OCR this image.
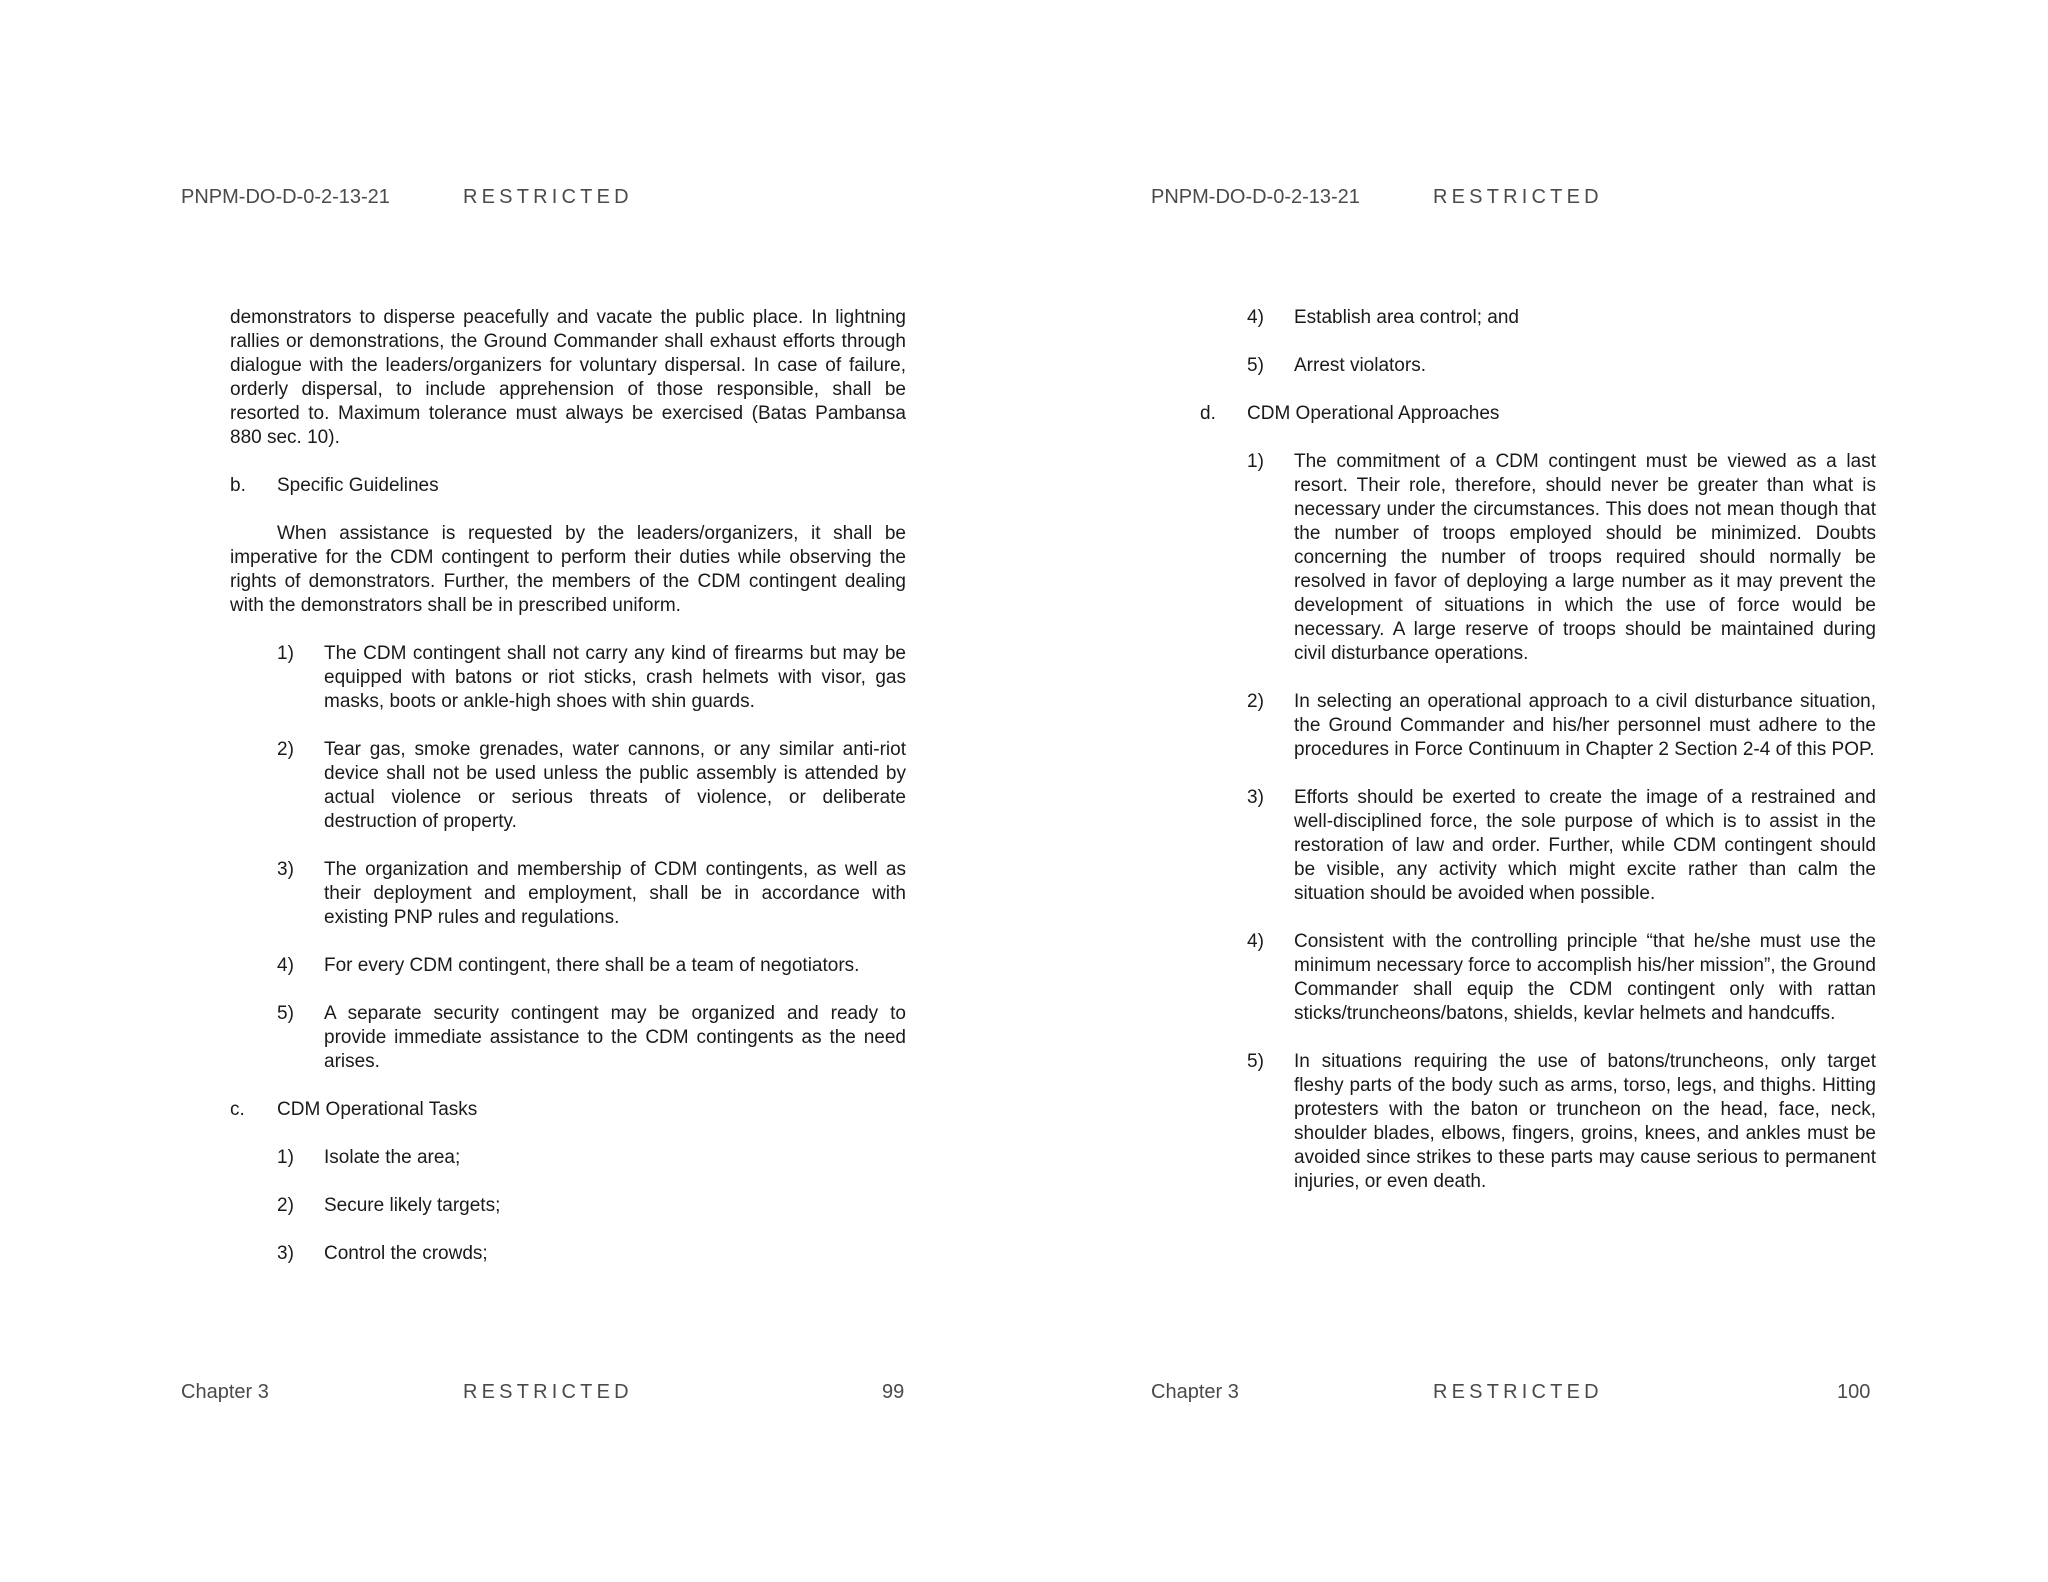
PNPM-DO-D-0-2-13-21	RESTRICTED

demonstrators to disperse peacefully and vacate the public place. In lightning rallies or demonstrations, the Ground Commander shall exhaust efforts through dialogue with the leaders/organizers for voluntary dispersal. In case of failure, orderly dispersal, to include apprehension of those responsible, shall be resorted to. Maximum tolerance must always be exercised (Batas Pambansa 880 sec. 10).

b.	Specific Guidelines

When assistance is requested by the leaders/organizers, it shall be imperative for the CDM contingent to perform their duties while observing the rights of demonstrators. Further, the members of the CDM contingent dealing with the demonstrators shall be in prescribed uniform.

1)	The CDM contingent shall not carry any kind of firearms but may be equipped with batons or riot sticks, crash helmets with visor, gas masks, boots or ankle-high shoes with shin guards.
2)	Tear gas, smoke grenades, water cannons, or any similar anti-riot device shall not be used unless the public assembly is attended by actual violence or serious threats of violence, or deliberate destruction of property.
3)	The organization and membership of CDM contingents, as well as their deployment and employment, shall be in accordance with existing PNP rules and regulations.
4)	For every CDM contingent, there shall be a team of negotiators.
5)	A separate security contingent may be organized and ready to provide immediate assistance to the CDM contingents as the need arises.
c.	CDM Operational Tasks
1)	Isolate the area;
2)	Secure likely targets;
3)	Control the crowds;
Chapter 3	RESTRICTED	99
PNPM-DO-D-0-2-13-21	RESTRICTED
4)	Establish area control; and
5)	Arrest violators.
d.	CDM Operational Approaches
1)	The commitment of a CDM contingent must be viewed as a last resort. Their role, therefore, should never be greater than what is necessary under the circumstances. This does not mean though that the number of troops employed should be minimized. Doubts concerning the number of troops required should normally be resolved in favor of deploying a large number as it may prevent the development of situations in which the use of force would be necessary. A large reserve of troops should be maintained during civil disturbance operations.
2)	In selecting an operational approach to a civil disturbance situation, the Ground Commander and his/her personnel must adhere to the procedures in Force Continuum in Chapter 2 Section 2-4 of this POP.
3)	Efforts should be exerted to create the image of a restrained and well-disciplined force, the sole purpose of which is to assist in the restoration of law and order. Further, while CDM contingent should be visible, any activity which might excite rather than calm the situation should be avoided when possible.
4)	Consistent with the controlling principle “that he/she must use the minimum necessary force to accomplish his/her mission”, the Ground Commander shall equip the CDM contingent only with rattan sticks/truncheons/batons, shields, kevlar helmets and handcuffs.
5)	In situations requiring the use of batons/truncheons, only target fleshy parts of the body such as arms, torso, legs, and thighs. Hitting protesters with the baton or truncheon on the head, face, neck, shoulder blades, elbows, fingers, groins, knees, and ankles must be avoided since strikes to these parts may cause serious to permanent injuries, or even death.
Chapter 3	RESTRICTED	100
